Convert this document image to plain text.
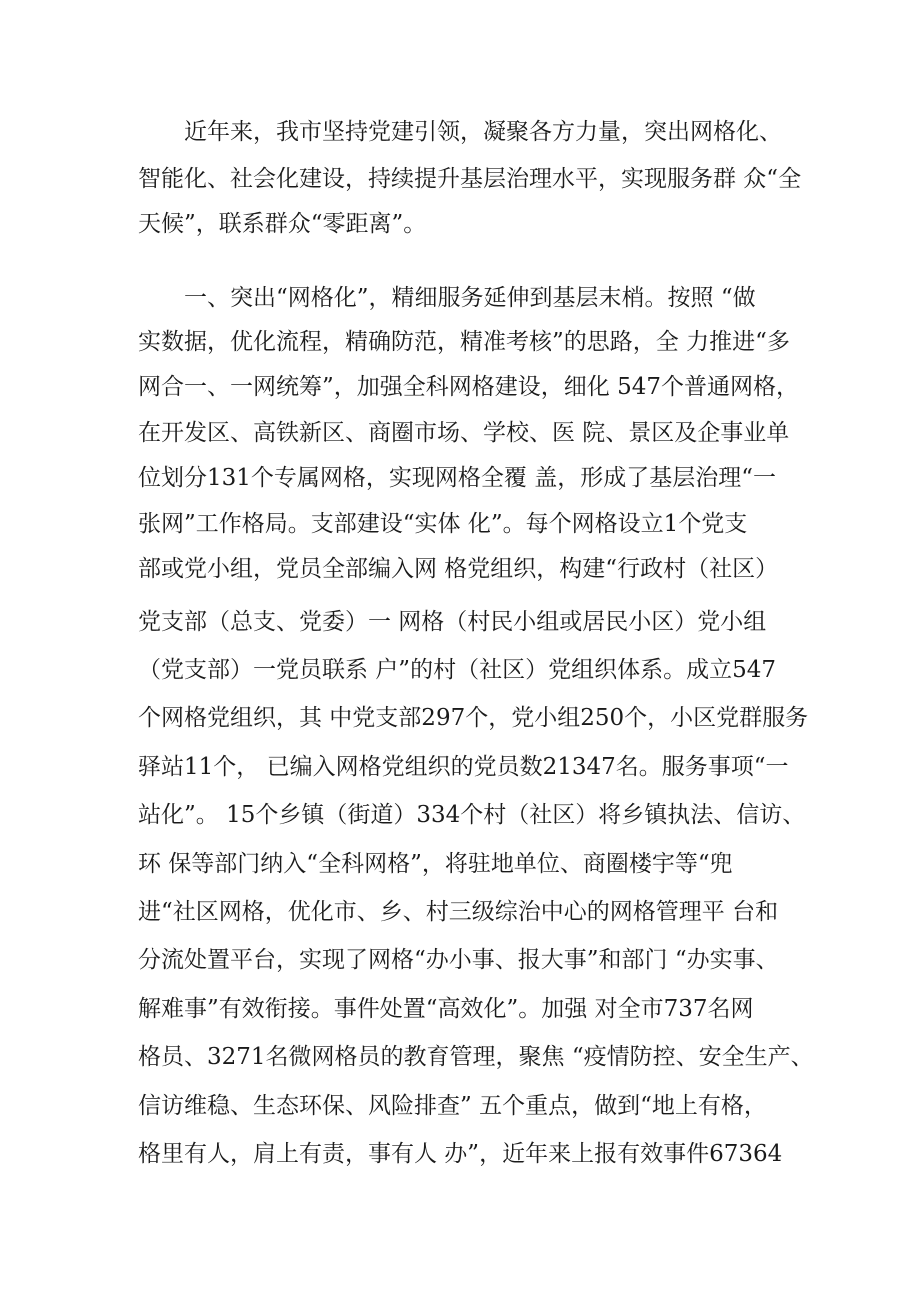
　　近年来，我市坚持党建引领，凝聚各方力量，突出网格化、
智能化、社会化建设，持续提升基层治理水平，实现服务群 众“全
天候”，联系群众“零距离”。
　　一、突出“网格化”，精细服务延伸到基层末梢。按照 “做
实数据，优化流程，精确防范，精准考核”的思路，全 力推进“多
网合一、一网统筹”，加强全科网格建设，细化 547个普通网格，
在开发区、高铁新区、商圈市场、学校、医 院、景区及企事业单
位划分131个专属网格，实现网格全覆 盖，形成了基层治理“一
张网”工作格局。支部建设“实体 化”。每个网格设立1个党支
部或党小组，党员全部编入网 格党组织，构建“行政村（社区）
党支部（总支、党委）一 网格（村民小组或居民小区）党小组
（党支部）一党员联系 户”的村（社区）党组织体系。成立547
个网格党组织，其 中党支部297个，党小组250个，小区党群服务
驿站11个， 已编入网格党组织的党员数21347名。服务事项“一
站化”。 15个乡镇（街道）334个村（社区）将乡镇执法、信访、
环 保等部门纳入“全科网格”，将驻地单位、商圈楼宇等“兜
进“社区网格，优化市、乡、村三级综治中心的网格管理平 台和
分流处置平台，实现了网格“办小事、报大事”和部门 “办实事、
解难事”有效衔接。事件处置“高效化”。加强 对全市737名网
格员、3271名微网格员的教育管理，聚焦 “疫情防控、安全生产、
信访维稳、生态环保、风险排查” 五个重点，做到“地上有格，
格里有人，肩上有责，事有人 办”，近年来上报有效事件67364
